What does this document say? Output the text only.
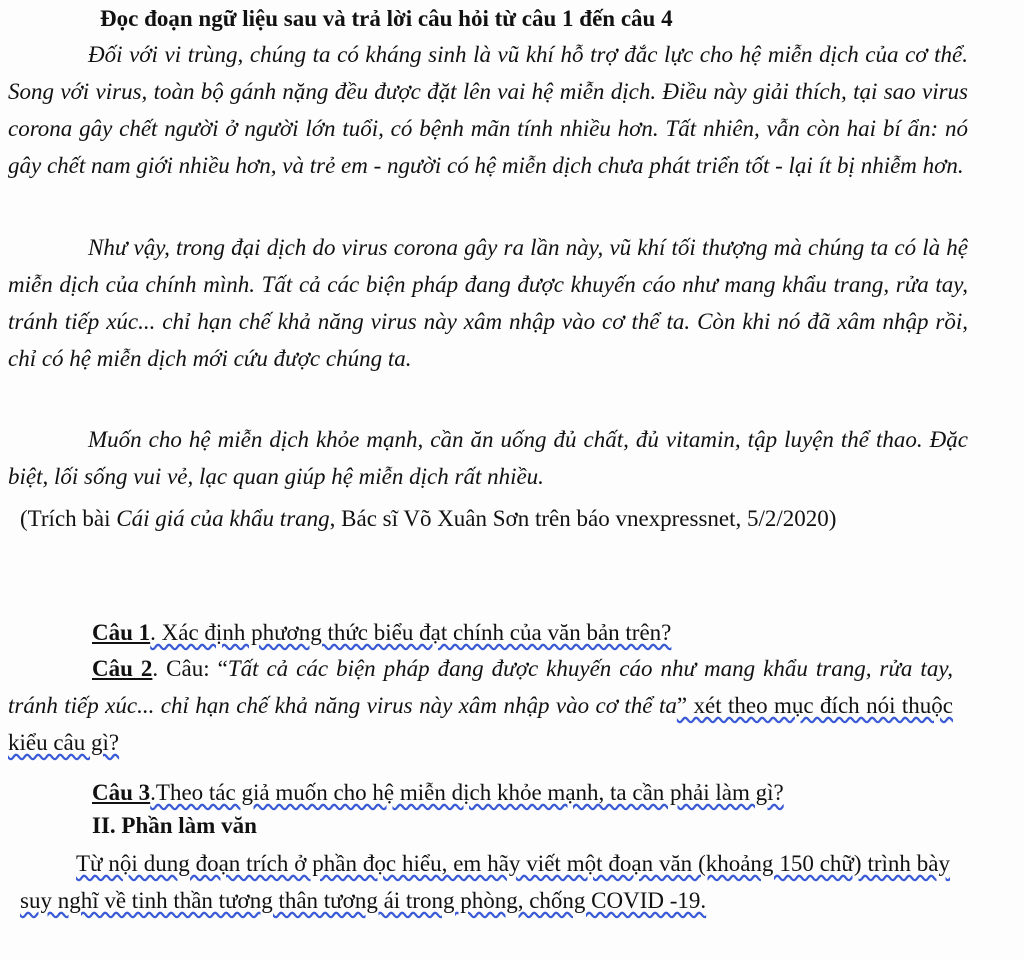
Đọc đoạn ngữ liệu sau và trả lời câu hỏi từ câu 1 đến câu 4

Đối với vi trùng, chúng ta có kháng sinh là vũ khí hỗ trợ đắc lực cho hệ miễn dịch của cơ thể. Song với virus, toàn bộ gánh nặng đều được đặt lên vai hệ miễn dịch. Điều này giải thích, tại sao virus corona gây chết người ở người lớn tuổi, có bệnh mãn tính nhiều hơn. Tất nhiên, vẫn còn hai bí ẩn: nó gây chết nam giới nhiều hơn, và trẻ em - người có hệ miễn dịch chưa phát triển tốt - lại ít bị nhiễm hơn.

Như vậy, trong đại dịch do virus corona gây ra lần này, vũ khí tối thượng mà chúng ta có là hệ miễn dịch của chính mình. Tất cả các biện pháp đang được khuyến cáo như mang khẩu trang, rửa tay, tránh tiếp xúc... chỉ hạn chế khả năng virus này xâm nhập vào cơ thể ta. Còn khi nó đã xâm nhập rồi, chỉ có hệ miễn dịch mới cứu được chúng ta.

Muốn cho hệ miễn dịch khỏe mạnh, cần ăn uống đủ chất, đủ vitamin, tập luyện thể thao. Đặc biệt, lối sống vui vẻ, lạc quan giúp hệ miễn dịch rất nhiều.

(Trích bài Cái giá của khẩu trang, Bác sĩ Võ Xuân Sơn trên báo vnexpressnet, 5/2/2020)

Câu 1. Xác định phương thức biểu đạt chính của văn bản trên?
Câu 2. Câu: “Tất cả các biện pháp đang được khuyến cáo như mang khẩu trang, rửa tay, tránh tiếp xúc... chỉ hạn chế khả năng virus này xâm nhập vào cơ thể ta” xét theo mục đích nói thuộc kiểu câu gì?
Câu 3.Theo tác giả muốn cho hệ miễn dịch khỏe mạnh, ta cần phải làm gì?
II. Phần làm văn
Từ nội dung đoạn trích ở phần đọc hiểu, em hãy viết một đoạn văn (khoảng 150 chữ) trình bày suy nghĩ về tinh thần tương thân tương ái trong phòng, chống COVID -19.
